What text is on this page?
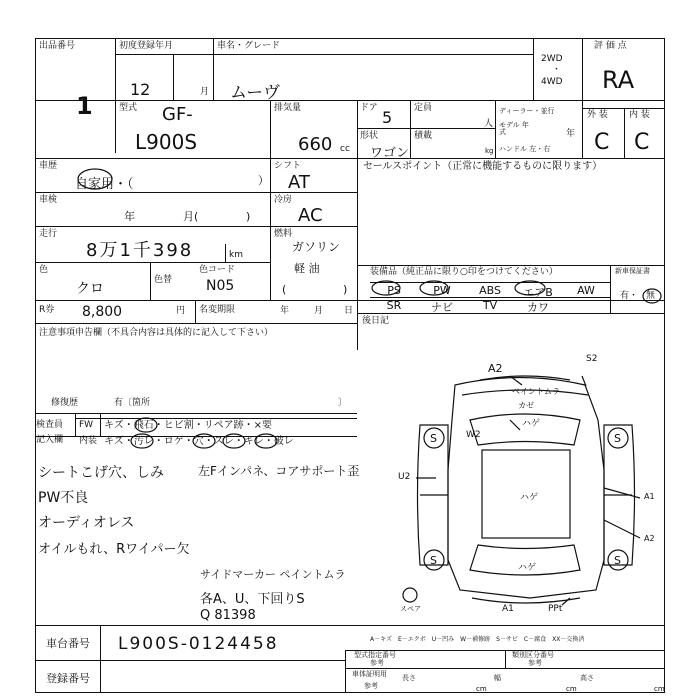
出品番号
1
初度登録年月
12	月
車名・グレード
ムーヴ
2WD
・
4WD
評 価 点
RA
型式 GF-
L900S
排気量
660 cc
ドア 5 定員
人
形状
ワゴン
積載
kg
ディーラー・並行
モデル 年式	年
ハンドル 左・右
外 装 内 装
C C
車歴
自家用・（	）
シフト
AT
セールスポイント（正常に機能するものに限ります）
車検
年	月(	)
冷房
AC
走行
8万1千398	km
燃料
ガソリン
軽 油
色
クロ
色替
色コード
N05	(	)
R券 8,800	円 名変期限	年	月 日
装備品（純正品に限り○印をつけてください）
PS	PW	ABS	エアB	AW
SR	ナビ	TV	カワ
新車保証書
有・ 無
注意事項申告欄（不具合内容は具体的に記入して下さい）
修復歴	有〔箇所	〕
後日記
検査員
記入欄
FW キズ・飛石・ヒビ割・リペア跡・×要
内装 キズ・汚レ・ロゲ・穴・スレ・キレ・破レ
シートこげ穴、しみ
PW不良
オーディオレス
オイルもれ、Rワイパー欠
左Fインパネ、コアサポート歪
サイドマーカー ペイントムラ
各A、U、下回りS
Q 81398
S	S
S	S
A2
S2
ペイントムラ
カゼ
ハゲ
W2
ハゲ
U2
A1
A2
A1	PPt
ハゲ
スペア
A－キズ　E－エクボ　U－凹み　W－補修跡　S－サビ　C－腐食　XX－交換済
車台番号 L900S-0124458
登録番号
型式指定番号
参考
類別区分番号
参考
車体証明用
参考
長さ
cm
幅
cm
高さ
cm
